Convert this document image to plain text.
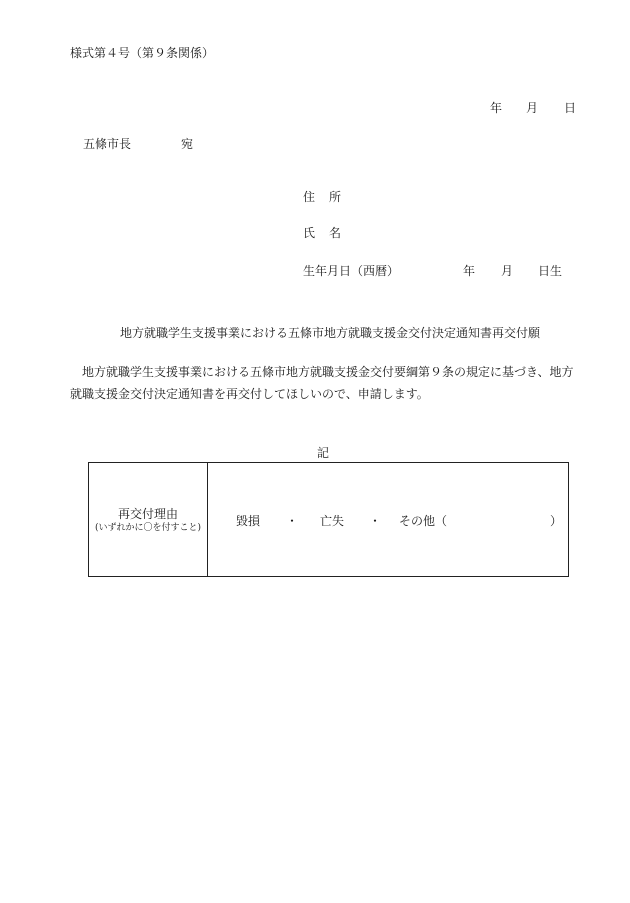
様式第４号（第９条関係）
年 月 日
五條市長	宛
住 所
氏 名
生年月日（西暦）	年 月 日生
地方就職学生支援事業における五條市地方就職支援金交付決定通知書再交付願
地方就職学生支援事業における五條市地方就職支援金交付要綱第９条の規定に基づき、地方就職支援金交付決定通知書を再交付してほしいので、申請します。
記
再交付理由
(いずれかに〇を付すこと)	毀損 ・ 亡失 ・ その他（	）
